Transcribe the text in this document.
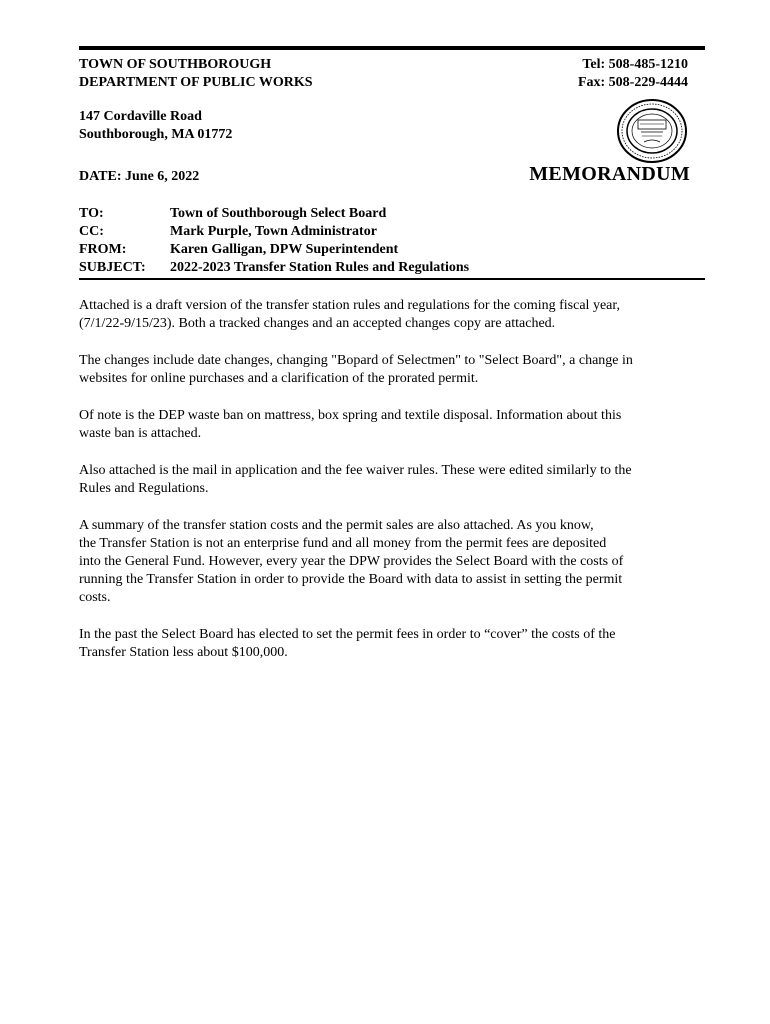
TOWN OF SOUTHBOROUGH
DEPARTMENT OF PUBLIC WORKS
Tel: 508-485-1210
Fax: 508-229-4444
147 Cordaville Road
Southborough, MA 01772
DATE: June 6, 2022	MEMORANDUM
TO:	Town of Southborough Select Board
CC:	Mark Purple, Town Administrator
FROM:	Karen Galligan, DPW Superintendent
SUBJECT:	2022-2023 Transfer Station Rules and Regulations

Attached is a draft version of the transfer station rules and regulations for the coming fiscal year,
(7/1/22-9/15/23). Both a tracked changes and an accepted changes copy are attached.

The changes include date changes, changing "Bopard of Selectmen" to "Select Board", a change in
websites for online purchases and a clarification of the prorated permit.

Of note is the DEP waste ban on mattress, box spring and textile disposal. Information about this
waste ban is attached.

Also attached is the mail in application and the fee waiver rules. These were edited similarly to the
Rules and Regulations.

A summary of the transfer station costs and the permit sales are also attached. As you know,
the Transfer Station is not an enterprise fund and all money from the permit fees are deposited
into the General Fund. However, every year the DPW provides the Select Board with the costs of
running the Transfer Station in order to provide the Board with data to assist in setting the permit
costs.

In the past the Select Board has elected to set the permit fees in order to “cover” the costs of the
Transfer Station less about $100,000.
